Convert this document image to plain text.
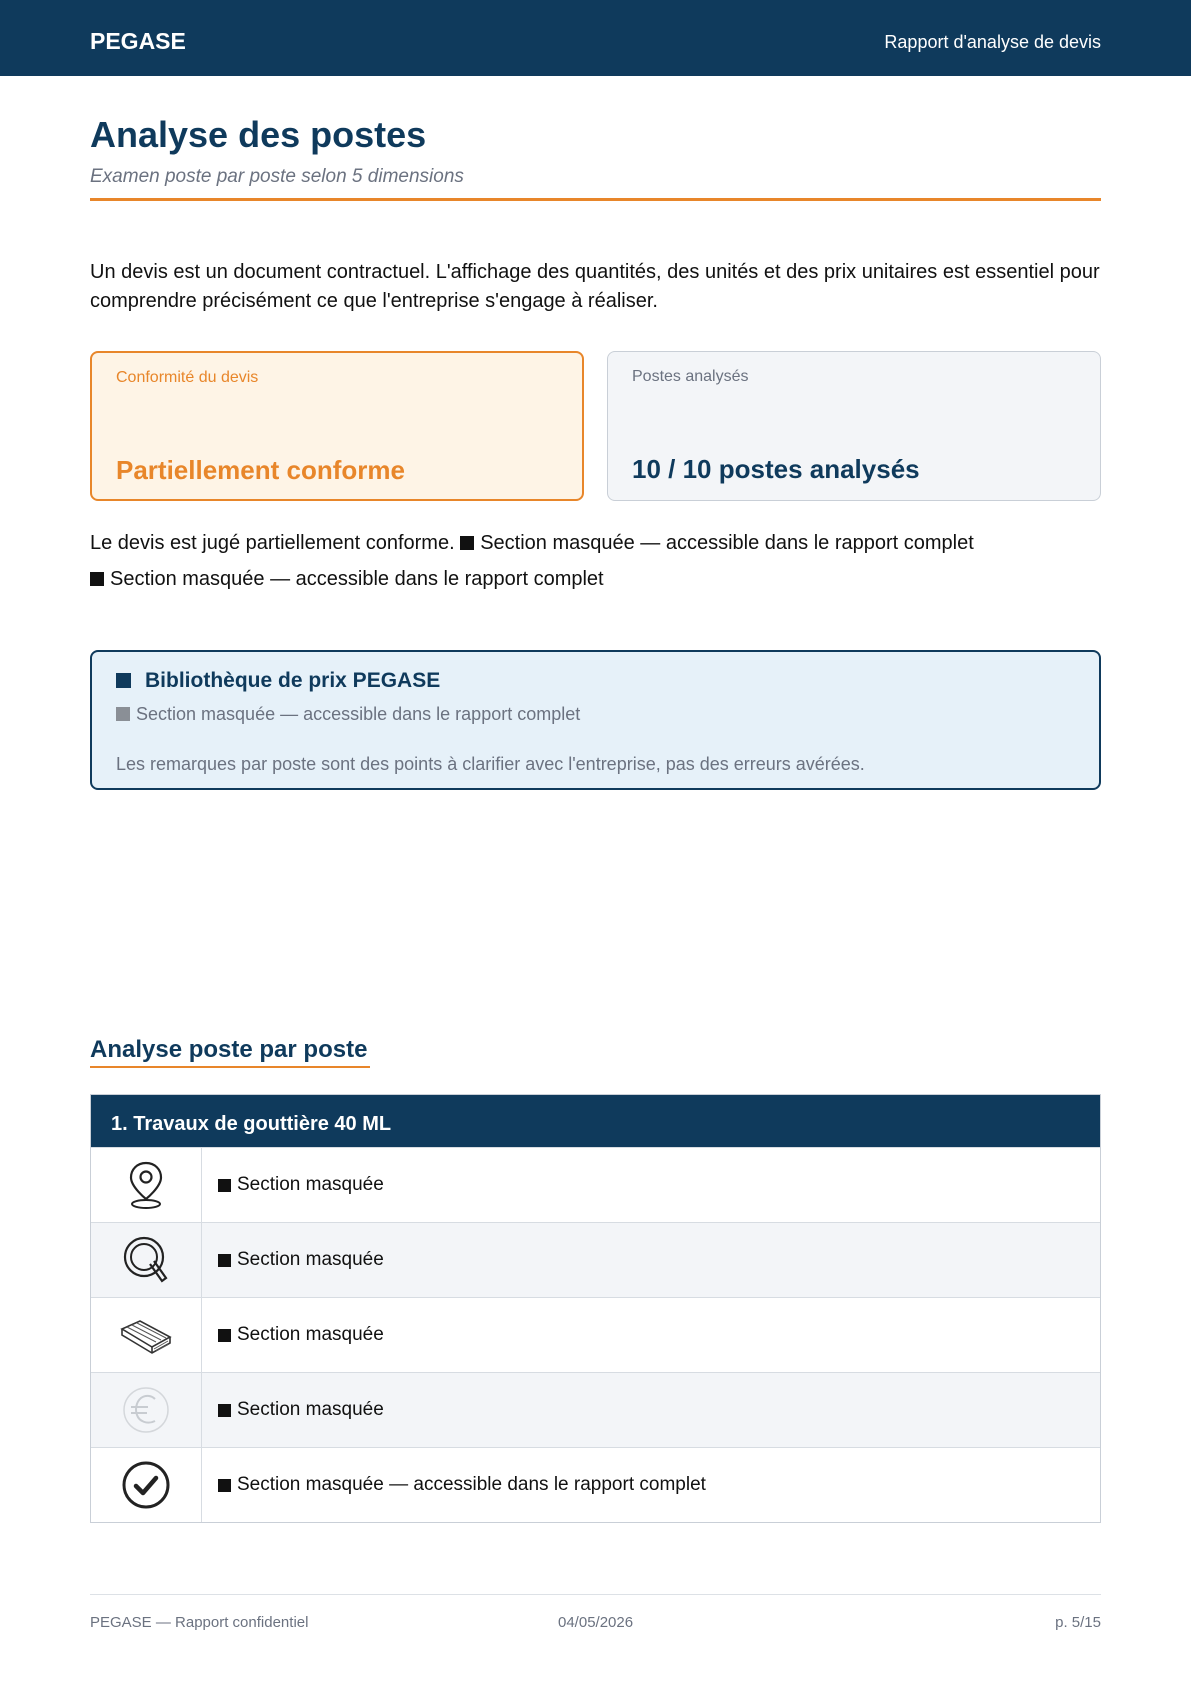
PEGASE	Rapport d'analyse de devis
Analyse des postes
Examen poste par poste selon 5 dimensions
Un devis est un document contractuel. L'affichage des quantités, des unités et des prix unitaires est essentiel pour comprendre précisément ce que l'entreprise s'engage à réaliser.
Conformité du devis
Partiellement conforme
Postes analysés
10 / 10 postes analysés
Le devis est jugé partiellement conforme. Section masquée — accessible dans le rapport complet
Section masquée — accessible dans le rapport complet
Bibliothèque de prix PEGASE
Section masquée — accessible dans le rapport complet
Les remarques par poste sont des points à clarifier avec l'entreprise, pas des erreurs avérées.
Analyse poste par poste
1. Travaux de gouttière 40 ML
Section masquée
Section masquée
Section masquée
Section masquée
Section masquée — accessible dans le rapport complet
PEGASE — Rapport confidentiel	04/05/2026	p. 5/15
